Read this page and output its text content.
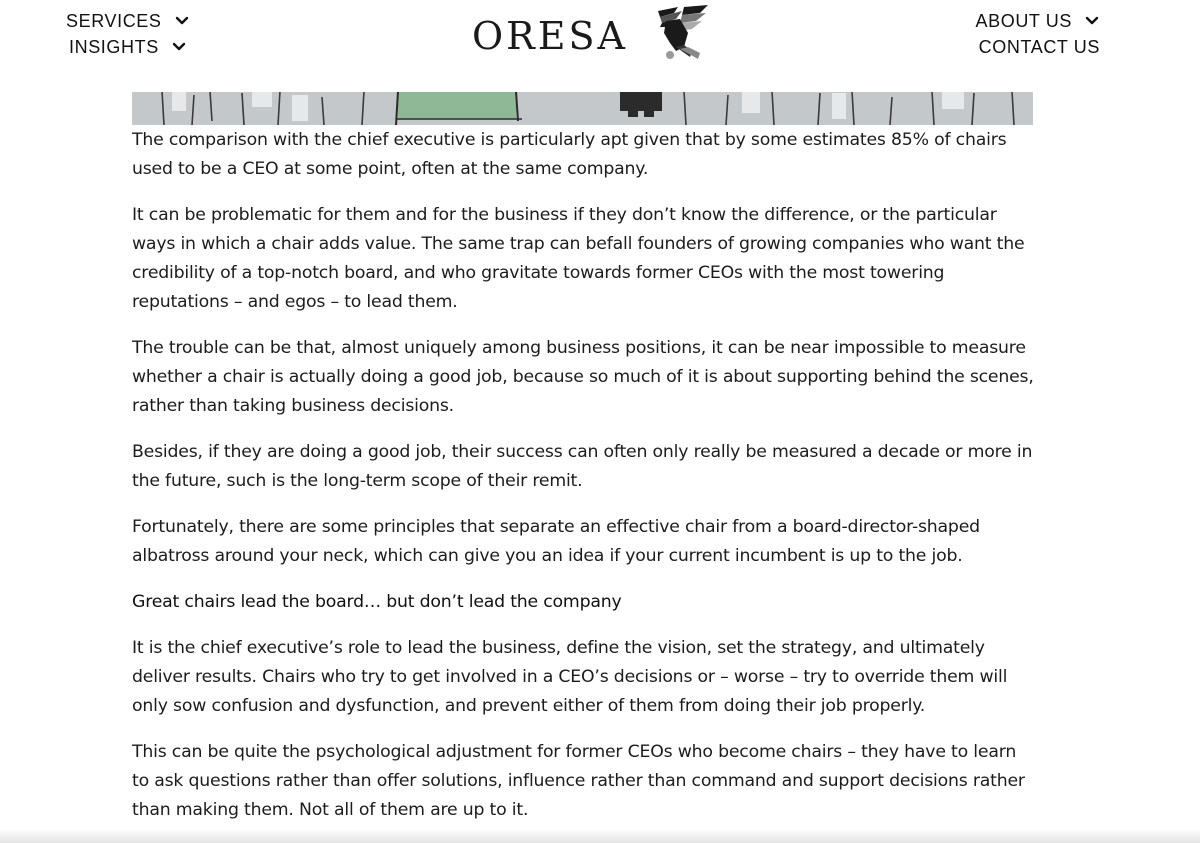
SERVICES
INSIGHTS	ORESA	ABOUT US
CONTACT US

The comparison with the chief executive is particularly apt given that by some estimates 85% of chairs used to be a CEO at some point, often at the same company.

It can be problematic for them and for the business if they don’t know the difference, or the particular ways in which a chair adds value. The same trap can befall founders of growing companies who want the credibility of a top-notch board, and who gravitate towards former CEOs with the most towering reputations – and egos – to lead them.

The trouble can be that, almost uniquely among business positions, it can be near impossible to measure whether a chair is actually doing a good job, because so much of it is about supporting behind the scenes, rather than taking business decisions.

Besides, if they are doing a good job, their success can often only really be measured a decade or more in the future, such is the long-term scope of their remit.

Fortunately, there are some principles that separate an effective chair from a board-director-shaped albatross around your neck, which can give you an idea if your current incumbent is up to the job.

Great chairs lead the board… but don’t lead the company

It is the chief executive’s role to lead the business, define the vision, set the strategy, and ultimately deliver results. Chairs who try to get involved in a CEO’s decisions or – worse – try to override them will only sow confusion and dysfunction, and prevent either of them from doing their job properly.

This can be quite the psychological adjustment for former CEOs who become chairs – they have to learn to ask questions rather than offer solutions, influence rather than command and support decisions rather than making them. Not all of them are up to it.
